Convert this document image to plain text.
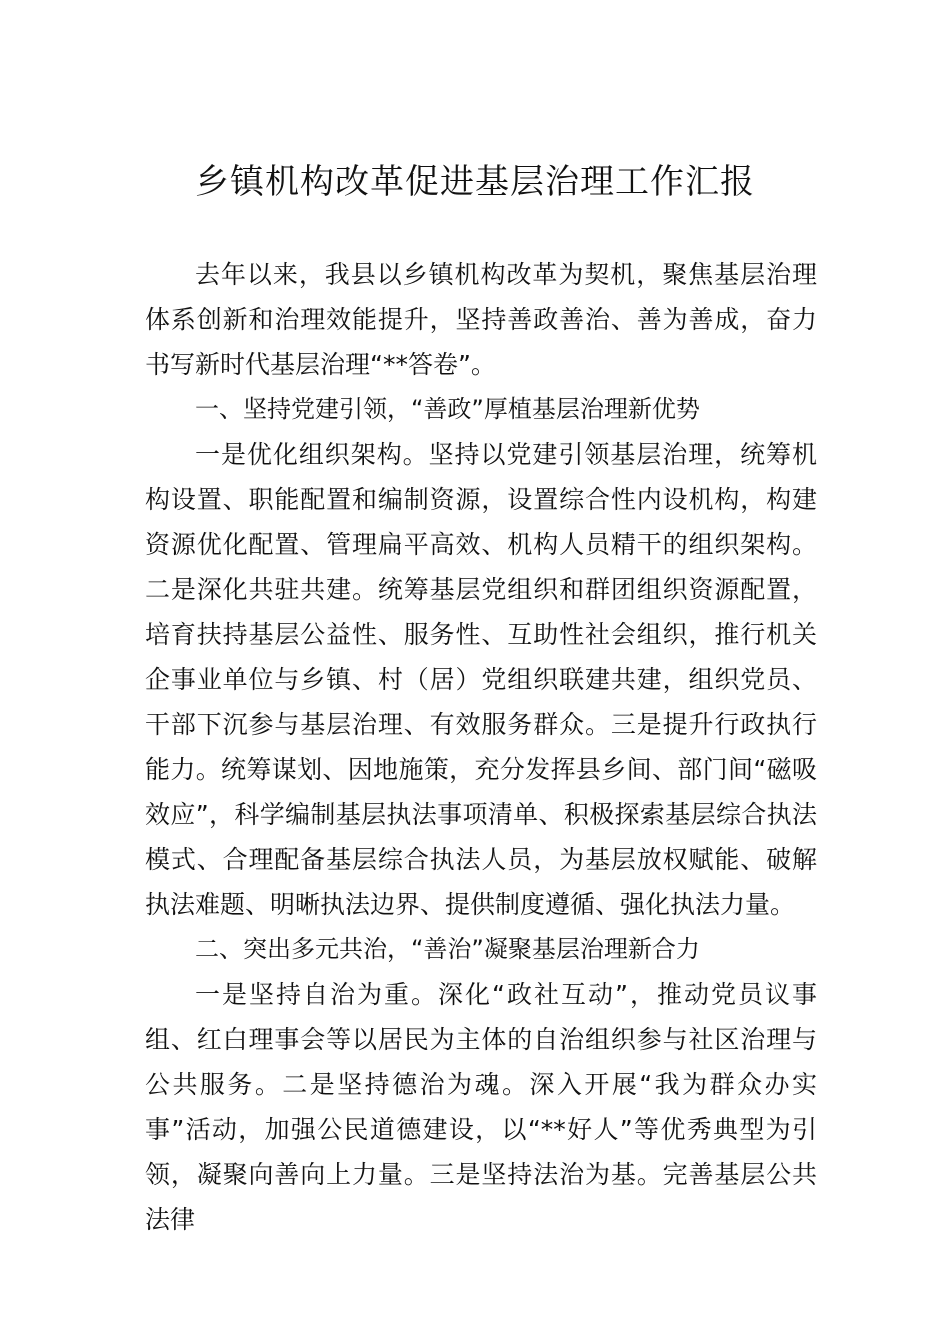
乡镇机构改革促进基层治理工作汇报

去年以来，我县以乡镇机构改革为契机，聚焦基层治理体系创新和治理效能提升，坚持善政善治、善为善成，奋力书写新时代基层治理“**答卷”。

一、坚持党建引领，“善政”厚植基层治理新优势

一是优化组织架构。坚持以党建引领基层治理，统筹机构设置、职能配置和编制资源，设置综合性内设机构，构建资源优化配置、管理扁平高效、机构人员精干的组织架构。二是深化共驻共建。统筹基层党组织和群团组织资源配置，培育扶持基层公益性、服务性、互助性社会组织，推行机关企事业单位与乡镇、村（居）党组织联建共建，组织党员、干部下沉参与基层治理、有效服务群众。三是提升行政执行能力。统筹谋划、因地施策，充分发挥县乡间、部门间“磁吸效应”，科学编制基层执法事项清单、积极探索基层综合执法模式、合理配备基层综合执法人员，为基层放权赋能、破解执法难题、明晰执法边界、提供制度遵循、强化执法力量。

二、突出多元共治，“善治”凝聚基层治理新合力

一是坚持自治为重。深化“政社互动”，推动党员议事组、红白理事会等以居民为主体的自治组织参与社区治理与公共服务。二是坚持德治为魂。深入开展“我为群众办实事”活动，加强公民道德建设，以“**好人”等优秀典型为引领，凝聚向善向上力量。三是坚持法治为基。完善基层公共法律
